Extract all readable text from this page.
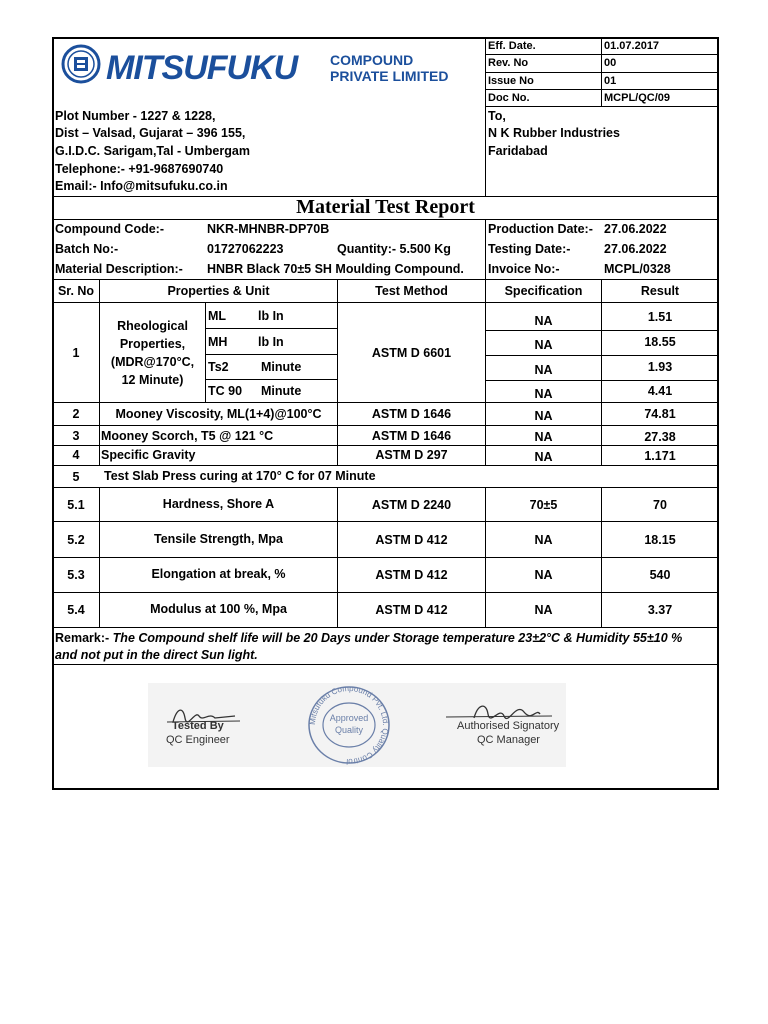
MITSUFUKU COMPOUND
PRIVATE LIMITED
Plot Number - 1227 & 1228,
Dist – Valsad, Gujarat – 396 155,
G.I.D.C. Sarigam,Tal - Umbergam
Telephone:- +91-9687690740
Email:- Info@mitsufuku.co.in
Eff. Date.	01.07.2017
Rev. No	00
Issue No	01
Doc No.	MCPL/QC/09
To,
N K Rubber Industries
Faridabad
Material Test Report
Compound Code:-	NKR-MHNBR-DP70B
Batch No:-	01727062223	Quantity:- 5.500 Kg
Material Description:- HNBR Black 70±5 SH Moulding Compound.
Production Date:- 27.06.2022
Testing Date:-	27.06.2022
Invoice No:-	MCPL/0328
Sr. No	Properties & Unit	Test Method	Specification	Result
1
Rheological
Properties,
(MDR@170°C,
12 Minute)
ASTM D 6601
ML	lb In	NA	1.51
MH lb In	NA	18.55
Ts2	Minute	NA	1.93
TC 90 Minute	NA	4.41
2	Mooney Viscosity, ML(1+4)@100°C	ASTM D 1646	NA	74.81
3	Mooney Scorch, T5 @ 121 °C	ASTM D 1646	NA	27.38
4	Specific Gravity	ASTM D 297	NA	1.171
5	Test Slab Press curing at 170° C for 07 Minute
5.1	Hardness, Shore A	ASTM D 2240	70±5	70
5.2	Tensile Strength, Mpa	ASTM D 412	NA	18.15
5.3	Elongation at break, %	ASTM D 412	NA	540
5.4	Modulus at 100 %, Mpa	ASTM D 412	NA	3.37
Remark:- The Compound shelf life will be 20 Days under Storage temperature 23±2°C & Humidity 55±10 %
and not put in the direct Sun light.
Tested By
QC Engineer
Mitsufuku Compound Pvt. Ltd. Quality Control
Approved
Quality	Authorised Signatory
QC Manager
